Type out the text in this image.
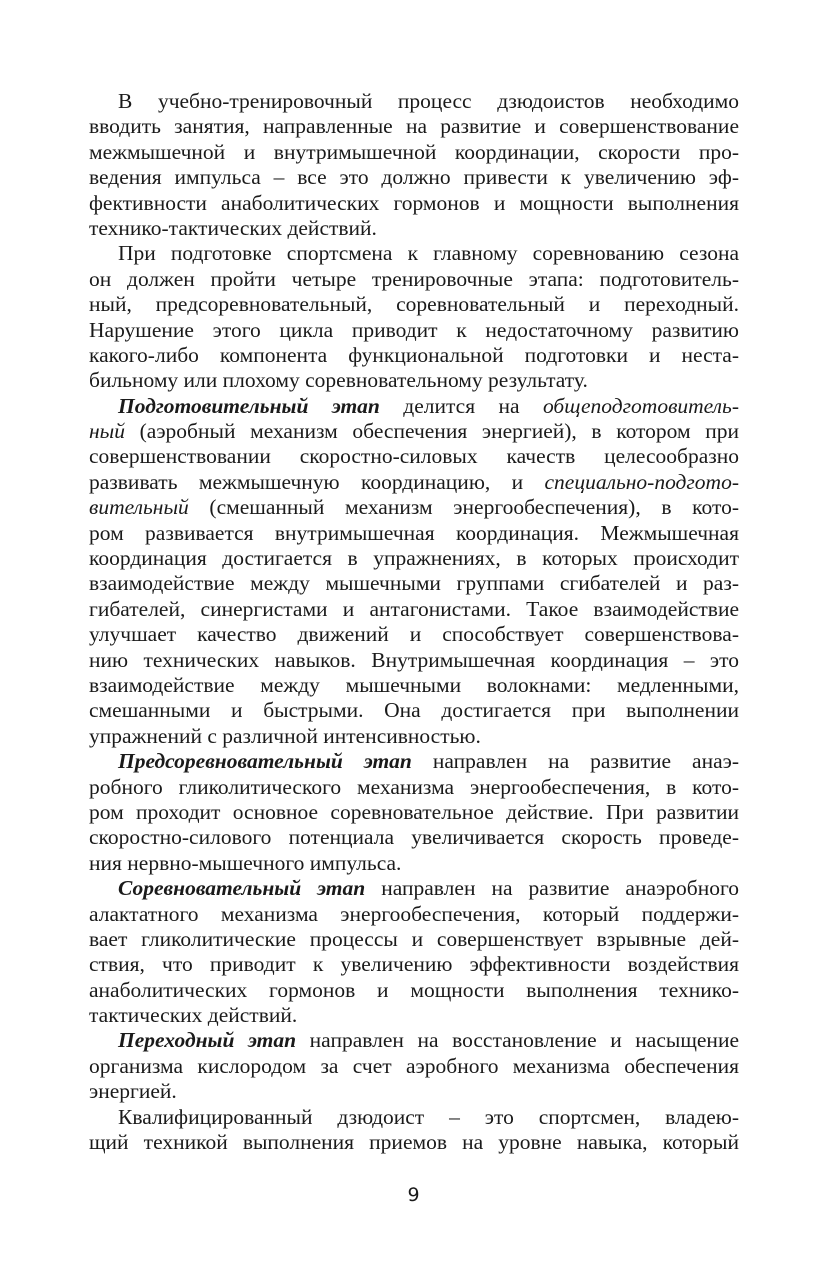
В учебно-тренировочный процесс дзюдоистов необходимо
вводить занятия, направленные на развитие и совершенствование
межмышечной и внутримышечной координации, скорости про-
ведения импульса – все это должно привести к увеличению эф-
фективности анаболитических гормонов и мощности выполнения
технико-тактических действий.
При подготовке спортсмена к главному соревнованию сезона
он должен пройти четыре тренировочные этапа: подготовитель-
ный, предсоревновательный, соревновательный и переходный.
Нарушение этого цикла приводит к недостаточному развитию
какого-либо компонента функциональной подготовки и неста-
бильному или плохому соревновательному результату.
Подготовительный этап делится на общеподготовитель-
ный (аэробный механизм обеспечения энергией), в котором при
совершенствовании скоростно-силовых качеств целесообразно
развивать межмышечную координацию, и специально-подгото-
вительный (смешанный механизм энергообеспечения), в кото-
ром развивается внутримышечная координация. Межмышечная
координация достигается в упражнениях, в которых происходит
взаимодействие между мышечными группами сгибателей и раз-
гибателей, синергистами и антагонистами. Такое взаимодействие
улучшает качество движений и способствует совершенствова-
нию технических навыков. Внутримышечная координация – это
взаимодействие между мышечными волокнами: медленными,
смешанными и быстрыми. Она достигается при выполнении
упражнений с различной интенсивностью.
Предсоревновательный этап направлен на развитие анаэ-
робного гликолитического механизма энергообеспечения, в кото-
ром проходит основное соревновательное действие. При развитии
скоростно-силового потенциала увеличивается скорость проведе-
ния нервно-мышечного импульса.
Соревновательный этап направлен на развитие анаэробного
алактатного механизма энергообеспечения, который поддержи-
вает гликолитические процессы и совершенствует взрывные дей-
ствия, что приводит к увеличению эффективности воздействия
анаболитических гормонов и мощности выполнения технико-
тактических действий.
Переходный этап направлен на восстановление и насыщение
организма кислородом за счет аэробного механизма обеспечения
энергией.
Квалифицированный дзюдоист – это спортсмен, владею-
щий техникой выполнения приемов на уровне навыка, который
9
